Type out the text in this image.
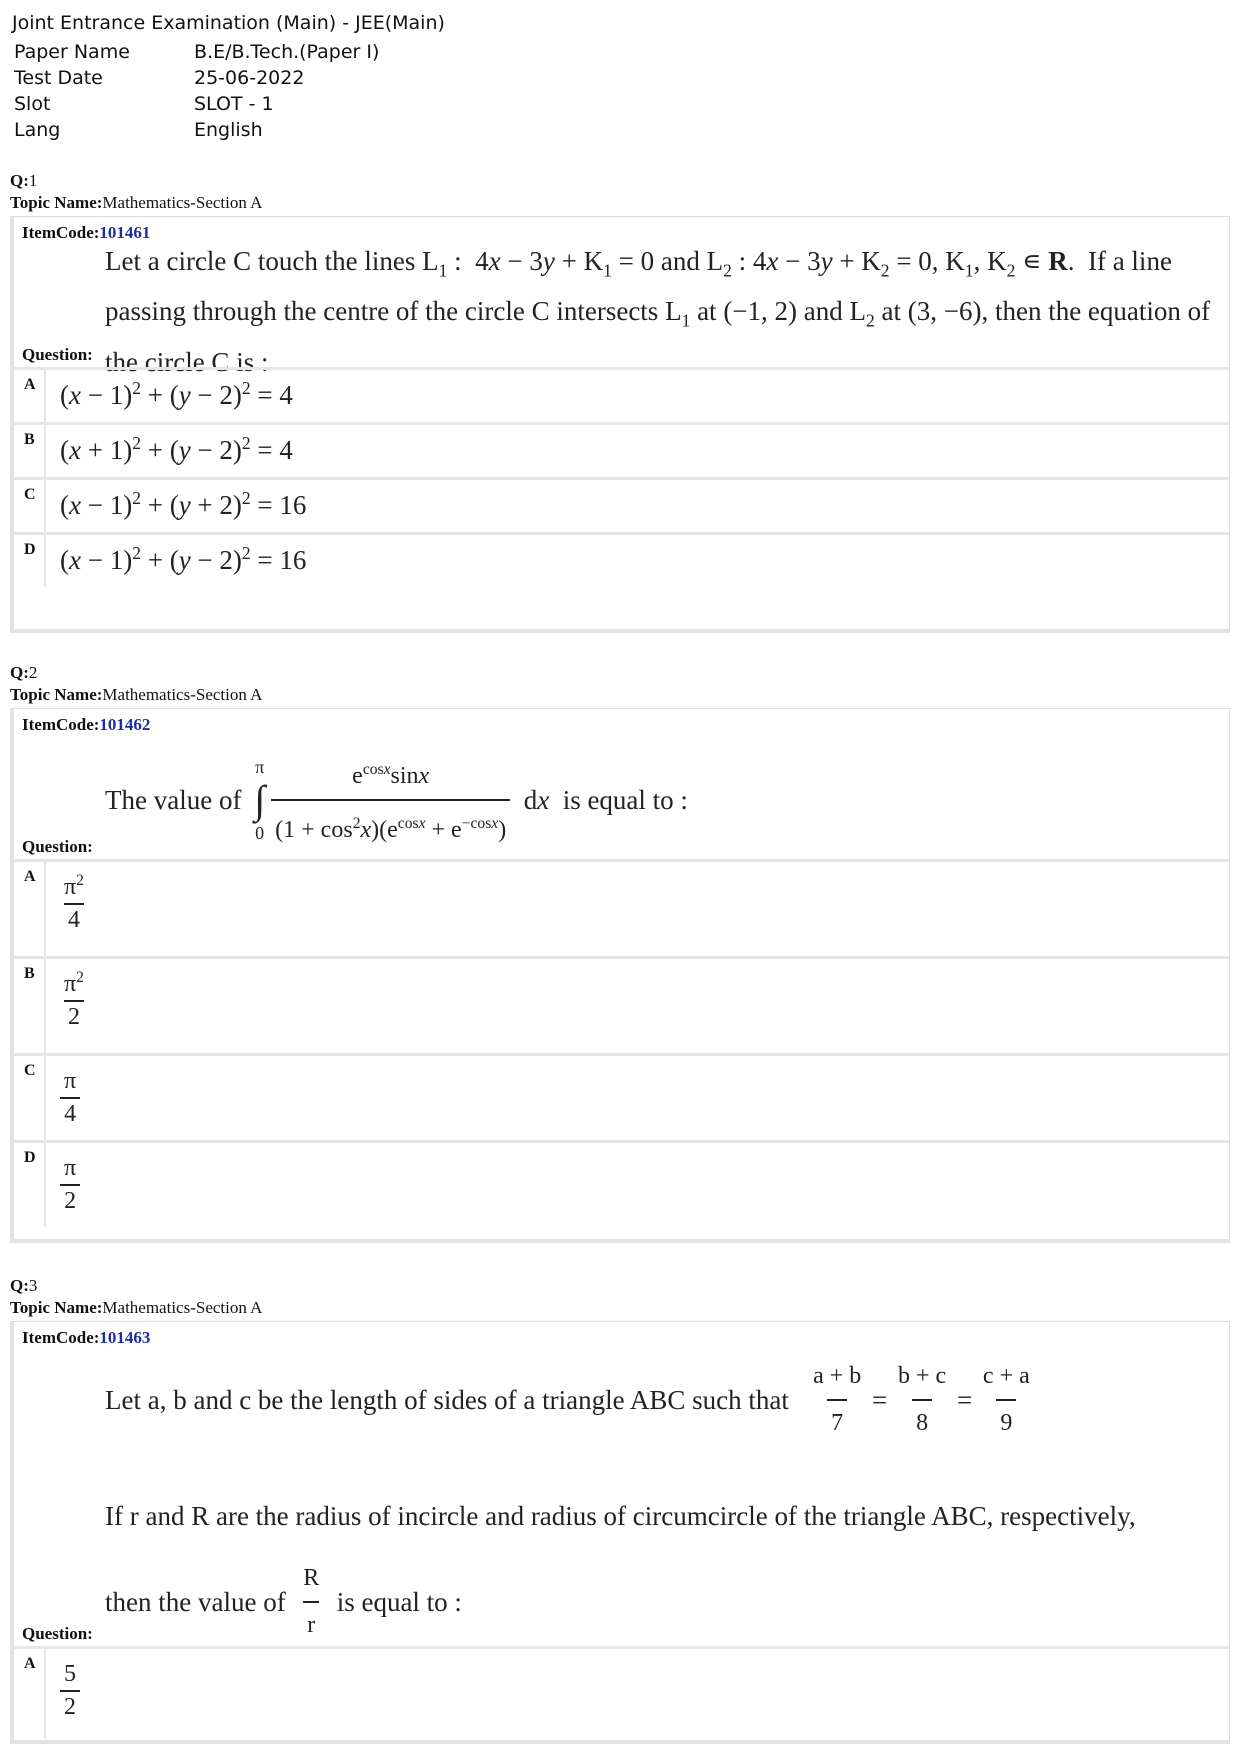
Joint Entrance Examination (Main) - JEE(Main)
Paper Name	B.E/B.Tech.(Paper I)
Test Date	25-06-2022
Slot	SLOT - 1
Lang	English
Q:1
Topic Name:Mathematics-Section A
ItemCode:101461
Let a circle C touch the lines $L_1$ :  $4x - 3y + K_1 = 0$ and $L_2$ : $4x - 3y + K_2 = 0$, $K_1$, $K_2$ ∊ R.  If a line passing through the centre of the circle C intersects $L_1$ at (−1, 2) and $L_2$ at (3, −6), then the equation of the circle C is :
Question:
A $(x - 1)^2 + (y - 2)^2 = 4$
B $(x + 1)^2 + (y - 2)^2 = 4$
C $(x - 1)^2 + (y + 2)^2 = 16$
D $(x - 1)^2 + (y - 2)^2 = 16$
Q:2
Topic Name:Mathematics-Section A
ItemCode:101462
The value of
π
∫
$0 \frac{e^{cosx}\sin x}{(1 + \cos^2x)(e^{cosx} + e^{-cosx})}$ dx  is equal to :
Question:
A $\frac{\pi^2}{4}$
B $\frac{\pi^2}{2}$
C $\frac{\pi}{4}$
D $\frac{\pi}{2}$
Q:3
Topic Name:Mathematics-Section A
ItemCode:101463
Let a, b and c be the length of sides of a triangle ABC such that $\frac{a + b}{7} = \frac{b + c}{8} = \frac{c + a}{9}$
If r and R are the radius of incircle and radius of circumcircle of the triangle ABC, respectively,
then the value of $\frac{R}{r}$ is equal to :
Question:
A $\frac{5}{2}$
